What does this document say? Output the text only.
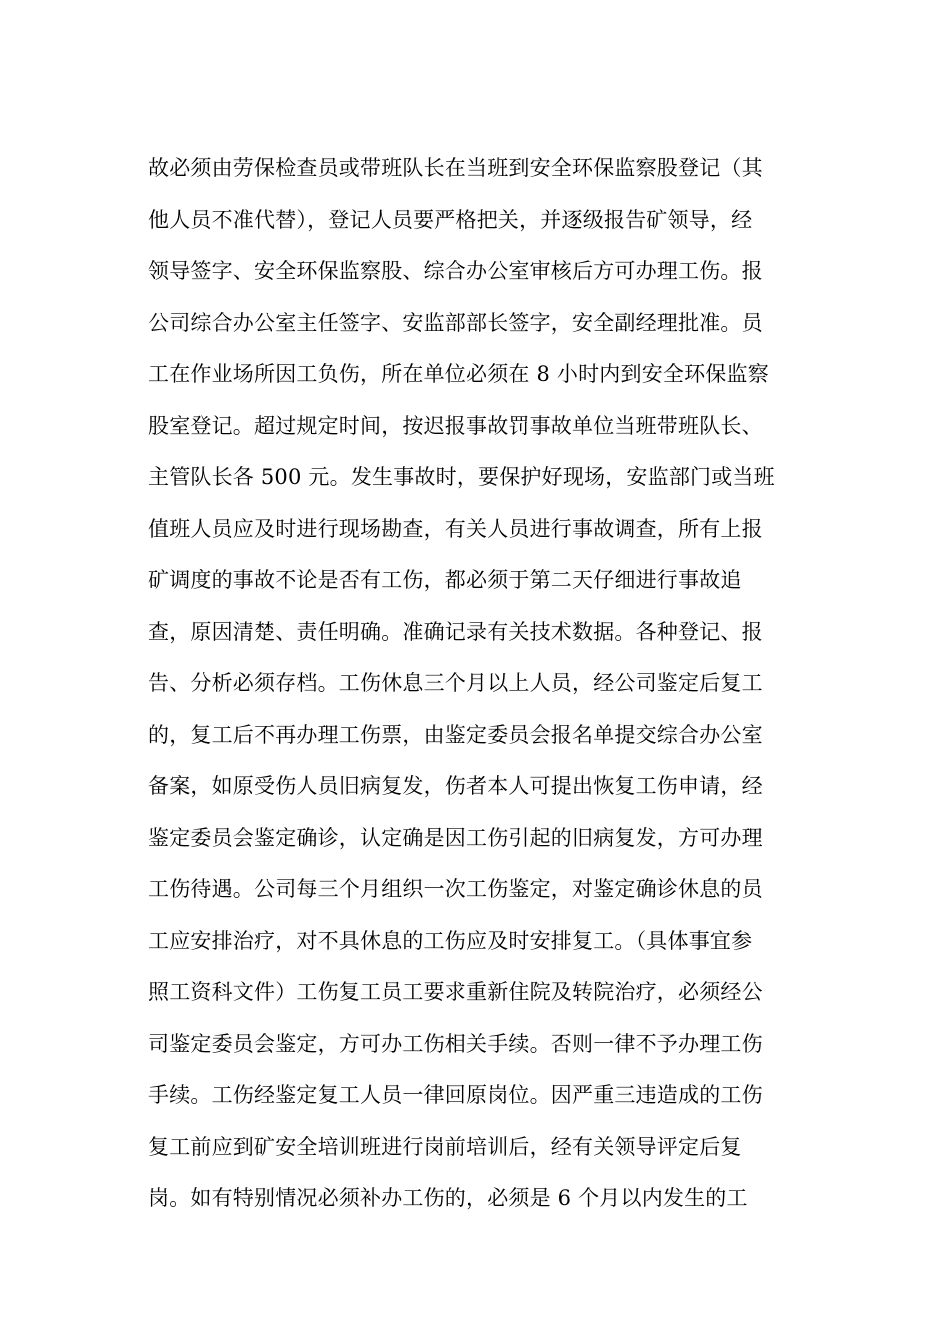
故必须由劳保检查员或带班队长在当班到安全环保监察股登记（其
他人员不准代替），登记人员要严格把关，并逐级报告矿领导，经
领导签字、安全环保监察股、综合办公室审核后方可办理工伤。报
公司综合办公室主任签字、安监部部长签字，安全副经理批准。员
工在作业场所因工负伤，所在单位必须在 8 小时内到安全环保监察
股室登记。超过规定时间，按迟报事故罚事故单位当班带班队长、
主管队长各 500 元。发生事故时，要保护好现场，安监部门或当班
值班人员应及时进行现场勘查，有关人员进行事故调查，所有上报
矿调度的事故不论是否有工伤，都必须于第二天仔细进行事故追
查，原因清楚、责任明确。准确记录有关技术数据。各种登记、报
告、分析必须存档。工伤休息三个月以上人员，经公司鉴定后复工
的，复工后不再办理工伤票，由鉴定委员会报名单提交综合办公室
备案，如原受伤人员旧病复发，伤者本人可提出恢复工伤申请，经
鉴定委员会鉴定确诊，认定确是因工伤引起的旧病复发，方可办理
工伤待遇。公司每三个月组织一次工伤鉴定，对鉴定确诊休息的员
工应安排治疗，对不具休息的工伤应及时安排复工。（具体事宜参
照工资科文件）工伤复工员工要求重新住院及转院治疗，必须经公
司鉴定委员会鉴定，方可办工伤相关手续。否则一律不予办理工伤
手续。工伤经鉴定复工人员一律回原岗位。因严重三违造成的工伤
复工前应到矿安全培训班进行岗前培训后，经有关领导评定后复
岗。如有特别情况必须补办工伤的，必须是 6 个月以内发生的工
